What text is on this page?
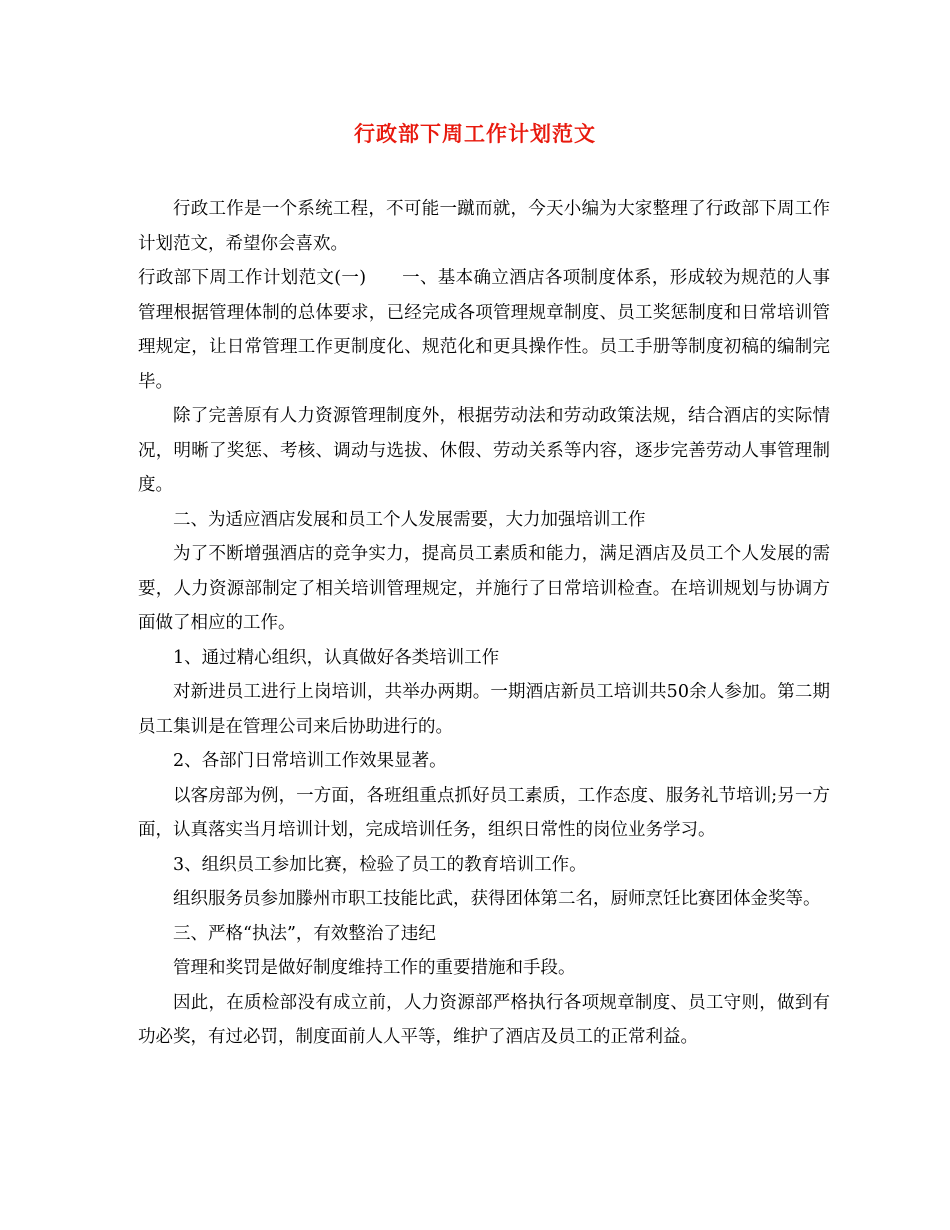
行政部下周工作计划范文

行政工作是一个系统工程，不可能一蹴而就，今天小编为大家整理了行政部下周工作计划范文，希望你会喜欢。

行政部下周工作计划范文(一)　　一、基本确立酒店各项制度体系，形成较为规范的人事管理根据管理体制的总体要求，已经完成各项管理规章制度、员工奖惩制度和日常培训管理规定，让日常管理工作更制度化、规范化和更具操作性。员工手册等制度初稿的编制完毕。

除了完善原有人力资源管理制度外，根据劳动法和劳动政策法规，结合酒店的实际情况，明晰了奖惩、考核、调动与选拔、休假、劳动关系等内容，逐步完善劳动人事管理制度。

二、为适应酒店发展和员工个人发展需要，大力加强培训工作

为了不断增强酒店的竞争实力，提高员工素质和能力，满足酒店及员工个人发展的需要，人力资源部制定了相关培训管理规定，并施行了日常培训检查。在培训规划与协调方面做了相应的工作。

1、通过精心组织，认真做好各类培训工作

对新进员工进行上岗培训，共举办两期。一期酒店新员工培训共50余人参加。第二期员工集训是在管理公司来后协助进行的。

2、各部门日常培训工作效果显著。

以客房部为例，一方面，各班组重点抓好员工素质，工作态度、服务礼节培训;另一方面，认真落实当月培训计划，完成培训任务，组织日常性的岗位业务学习。

3、组织员工参加比赛，检验了员工的教育培训工作。

组织服务员参加滕州市职工技能比武，获得团体第二名，厨师烹饪比赛团体金奖等。

三、严格“执法”，有效整治了违纪

管理和奖罚是做好制度维持工作的重要措施和手段。

因此，在质检部没有成立前，人力资源部严格执行各项规章制度、员工守则，做到有功必奖，有过必罚，制度面前人人平等，维护了酒店及员工的正常利益。
